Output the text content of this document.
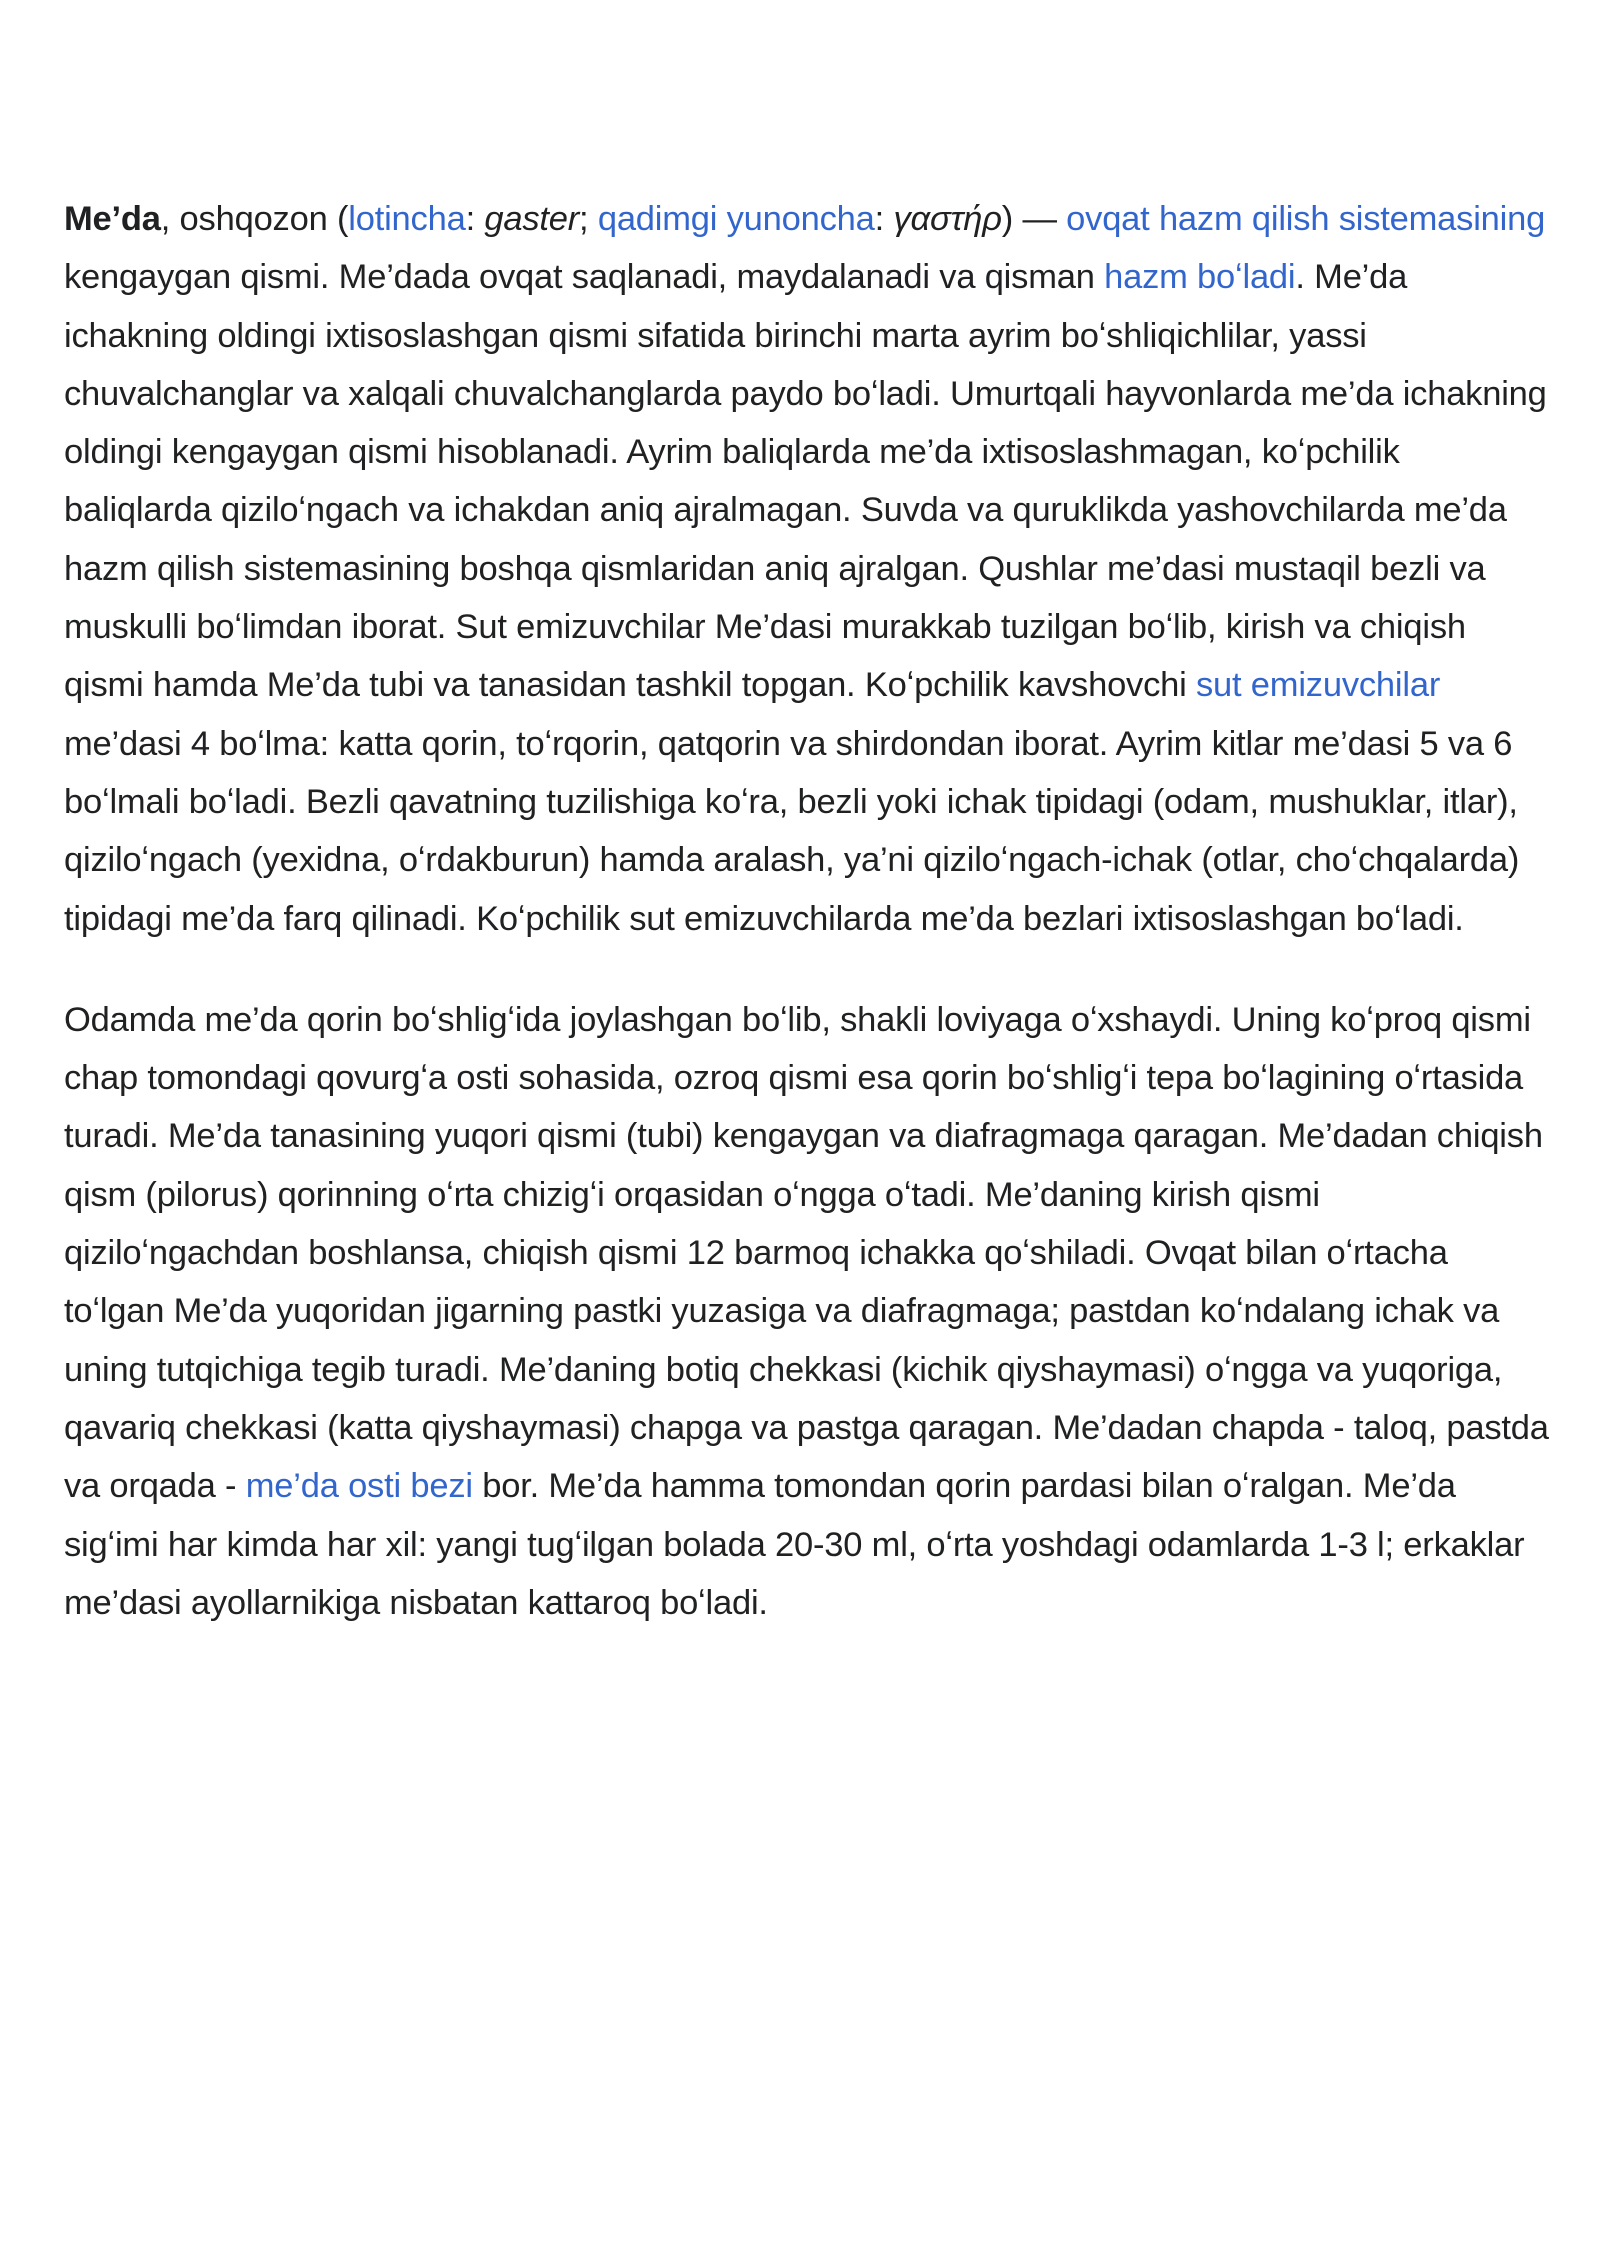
Me’da, oshqozon (lotincha: gaster; qadimgi yunoncha: γαστήρ) — ovqat hazm qilish sistemasining kengaygan qismi. Me’dada ovqat saqlanadi, maydalanadi va qisman hazm boʻladi. Me’da ichakning oldingi ixtisoslashgan qismi sifatida birinchi marta ayrim boʻshliqichlilar, yassi chuvalchanglar va xalqali chuvalchanglarda paydo boʻladi. Umurtqali hayvonlarda me’da ichakning oldingi kengaygan qismi hisoblanadi. Ayrim baliqlarda me’da ixtisoslashmagan, koʻpchilik baliqlarda qiziloʻngach va ichakdan aniq ajralmagan. Suvda va quruklikda yashovchilarda me’da hazm qilish sistemasining boshqa qismlaridan aniq ajralgan. Qushlar me’dasi mustaqil bezli va muskulli boʻlimdan iborat. Sut emizuvchilar Me’dasi murakkab tuzilgan boʻlib, kirish va chiqish qismi hamda Me’da tubi va tanasidan tashkil topgan. Koʻpchilik kavshovchi sut emizuvchilar me’dasi 4 boʻlma: katta qorin, toʻrqorin, qatqorin va shirdondan iborat. Ayrim kitlar me’dasi 5 va 6 boʻlmali boʻladi. Bezli qavatning tuzilishiga koʻra, bezli yoki ichak tipidagi (odam, mushuklar, itlar), qiziloʻngach (yexidna, oʻrdakburun) hamda aralash, ya’ni qiziloʻngach-ichak (otlar, choʻchqalarda) tipidagi me’da farq qilinadi. Koʻpchilik sut emizuvchilarda me’da bezlari ixtisoslashgan boʻladi.

Odamda me’da qorin boʻshligʻida joylashgan boʻlib, shakli loviyaga oʻxshaydi. Uning koʻproq qismi chap tomondagi qovurgʻa osti sohasida, ozroq qismi esa qorin boʻshligʻi tepa boʻlagining oʻrtasida turadi. Me’da tanasining yuqori qismi (tubi) kengaygan va diafragmaga qaragan. Me’dadan chiqish qism (pilorus) qorinning oʻrta chizigʻi orqasidan oʻngga oʻtadi. Me’daning kirish qismi qiziloʻngachdan boshlansa, chiqish qismi 12 barmoq ichakka qoʻshiladi. Ovqat bilan oʻrtacha toʻlgan Me’da yuqoridan jigarning pastki yuzasiga va diafragmaga; pastdan koʻndalang ichak va uning tutqichiga tegib turadi. Me’daning botiq chekkasi (kichik qiyshaymasi) oʻngga va yuqoriga, qavariq chekkasi (katta qiyshaymasi) chapga va pastga qaragan. Me’dadan chapda - taloq, pastda va orqada - me’da osti bezi bor. Me’da hamma tomondan qorin pardasi bilan oʻralgan. Me’da sigʻimi har kimda har xil: yangi tugʻilgan bolada 20-30 ml, oʻrta yoshdagi odamlarda 1-3 l; erkaklar me’dasi ayollarnikiga nisbatan kattaroq boʻladi.
